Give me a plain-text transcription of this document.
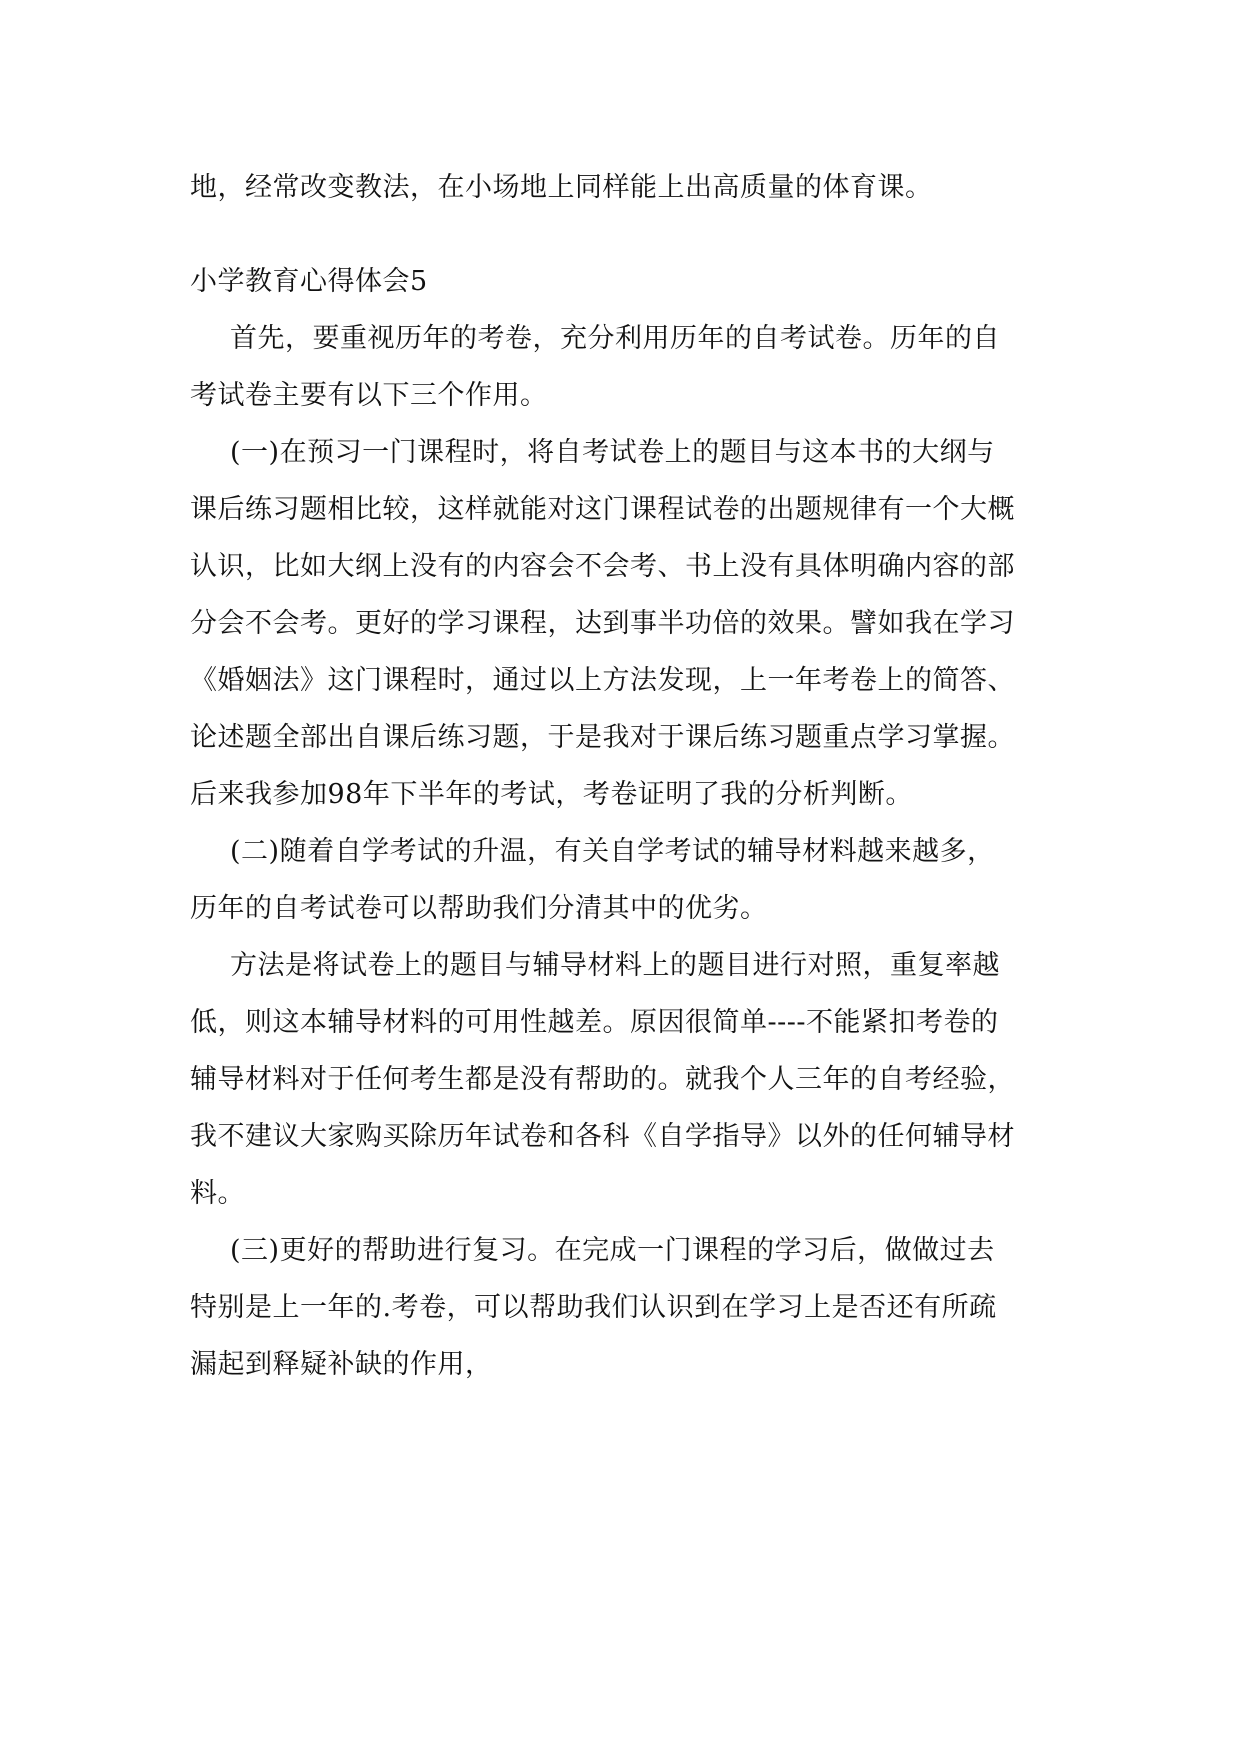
地，经常改变教法，在小场地上同样能上出高质量的体育课。
小学教育心得体会5
首先，要重视历年的考卷，充分利用历年的自考试卷。历年的自
考试卷主要有以下三个作用。
(一)在预习一门课程时，将自考试卷上的题目与这本书的大纲与
课后练习题相比较，这样就能对这门课程试卷的出题规律有一个大概
认识，比如大纲上没有的内容会不会考、书上没有具体明确内容的部
分会不会考。更好的学习课程，达到事半功倍的效果。譬如我在学习
《婚姻法》这门课程时，通过以上方法发现，上一年考卷上的简答、
论述题全部出自课后练习题，于是我对于课后练习题重点学习掌握。
后来我参加98年下半年的考试，考卷证明了我的分析判断。
(二)随着自学考试的升温，有关自学考试的辅导材料越来越多，
历年的自考试卷可以帮助我们分清其中的优劣。
方法是将试卷上的题目与辅导材料上的题目进行对照，重复率越
低，则这本辅导材料的可用性越差。原因很简单----不能紧扣考卷的
辅导材料对于任何考生都是没有帮助的。就我个人三年的自考经验，
我不建议大家购买除历年试卷和各科《自学指导》以外的任何辅导材
料。
(三)更好的帮助进行复习。在完成一门课程的学习后，做做过去
特别是上一年的.考卷，可以帮助我们认识到在学习上是否还有所疏
漏起到释疑补缺的作用，
